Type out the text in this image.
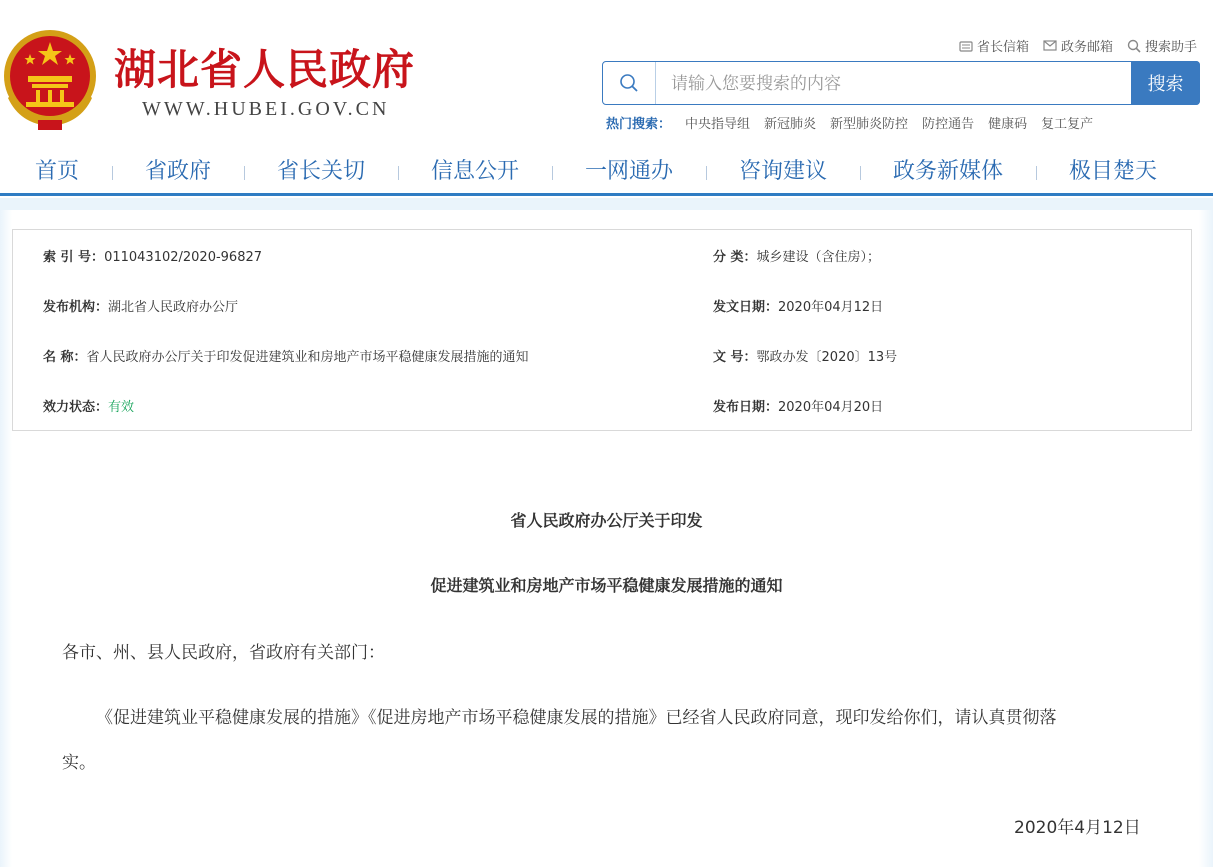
湖北省人民政府
WWW.HUBEI.GOV.CN
省长信箱 政务邮箱 搜索助手
请输入您要搜索的内容
搜索
热门搜索： 中央指导组 新冠肺炎 新型肺炎防控 防控通告 健康码 复工复产
首页	省政府	省长关切	信息公开	一网通办	咨询建议	政务新媒体	极目楚天
索 引 号：011043102/2020-96827	分 类：城乡建设（含住房）；
发布机构：湖北省人民政府办公厅	发文日期：2020年04月12日
名 称：省人民政府办公厅关于印发促进建筑业和房地产市场平稳健康发展措施的通知	文 号：鄂政办发〔2020〕13号
效力状态：有效	发布日期：2020年04月20日
省人民政府办公厅关于印发
促进建筑业和房地产市场平稳健康发展措施的通知
各市、州、县人民政府，省政府有关部门：
《促进建筑业平稳健康发展的措施》《促进房地产市场平稳健康发展的措施》已经省人民政府同意，现印发给你们，请认真贯彻落
实。
2020年4月12日
